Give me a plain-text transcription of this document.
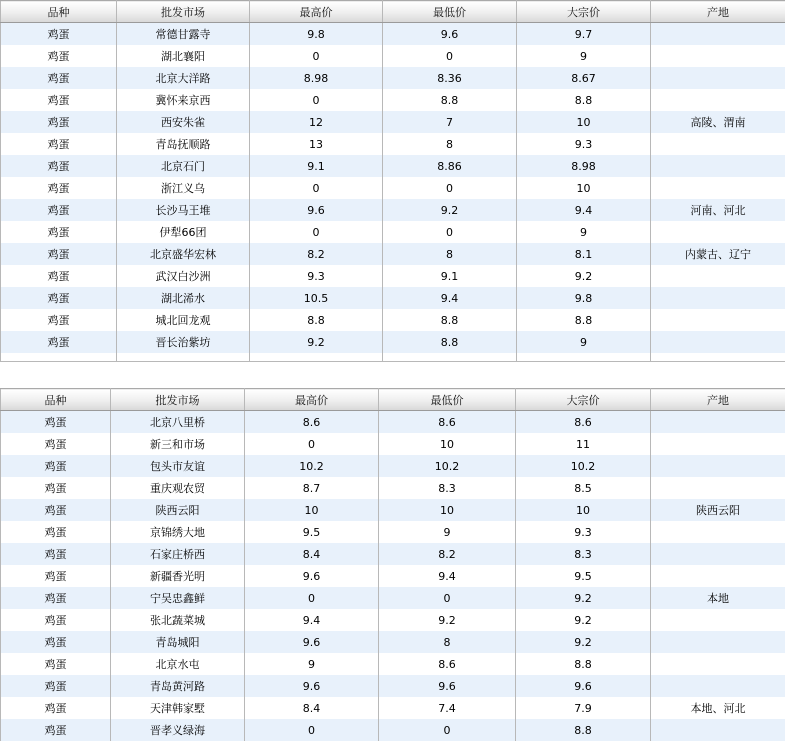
品种	批发市场	最高价	最低价	大宗价	产地
鸡蛋	常德甘露寺	9.8	9.6	9.7	
鸡蛋	湖北襄阳	0	0	9	
鸡蛋	北京大洋路	8.98	8.36	8.67	
鸡蛋	冀怀来京西	0	8.8	8.8	
鸡蛋	西安朱雀	12	7	10	高陵、渭南
鸡蛋	青岛抚顺路	13	8	9.3	
鸡蛋	北京石门	9.1	8.86	8.98	
鸡蛋	浙江义乌	0	0	10	
鸡蛋	长沙马王堆	9.6	9.2	9.4	河南、河北
鸡蛋	伊犁66团	0	0	9	
鸡蛋	北京盛华宏林	8.2	8	8.1	内蒙古、辽宁
鸡蛋	武汉白沙洲	9.3	9.1	9.2	
鸡蛋	湖北浠水	10.5	9.4	9.8	
鸡蛋	城北回龙观	8.8	8.8	8.8	
鸡蛋	晋长治紫坊	9.2	8.8	9	

品种	批发市场	最高价	最低价	大宗价	产地
鸡蛋	北京八里桥	8.6	8.6	8.6	
鸡蛋	新三和市场	0	10	11	
鸡蛋	包头市友谊	10.2	10.2	10.2	
鸡蛋	重庆观农贸	8.7	8.3	8.5	
鸡蛋	陕西云阳	10	10	10	陕西云阳
鸡蛋	京锦绣大地	9.5	9	9.3	
鸡蛋	石家庄桥西	8.4	8.2	8.3	
鸡蛋	新疆香光明	9.6	9.4	9.5	
鸡蛋	宁吴忠鑫鲜	0	0	9.2	本地
鸡蛋	张北蔬菜城	9.4	9.2	9.2	
鸡蛋	青岛城阳	9.6	8	9.2	
鸡蛋	北京水屯	9	8.6	8.8	
鸡蛋	青岛黄河路	9.6	9.6	9.6	
鸡蛋	天津韩家墅	8.4	7.4	7.9	本地、河北
鸡蛋	晋孝义绿海	0	0	8.8	
